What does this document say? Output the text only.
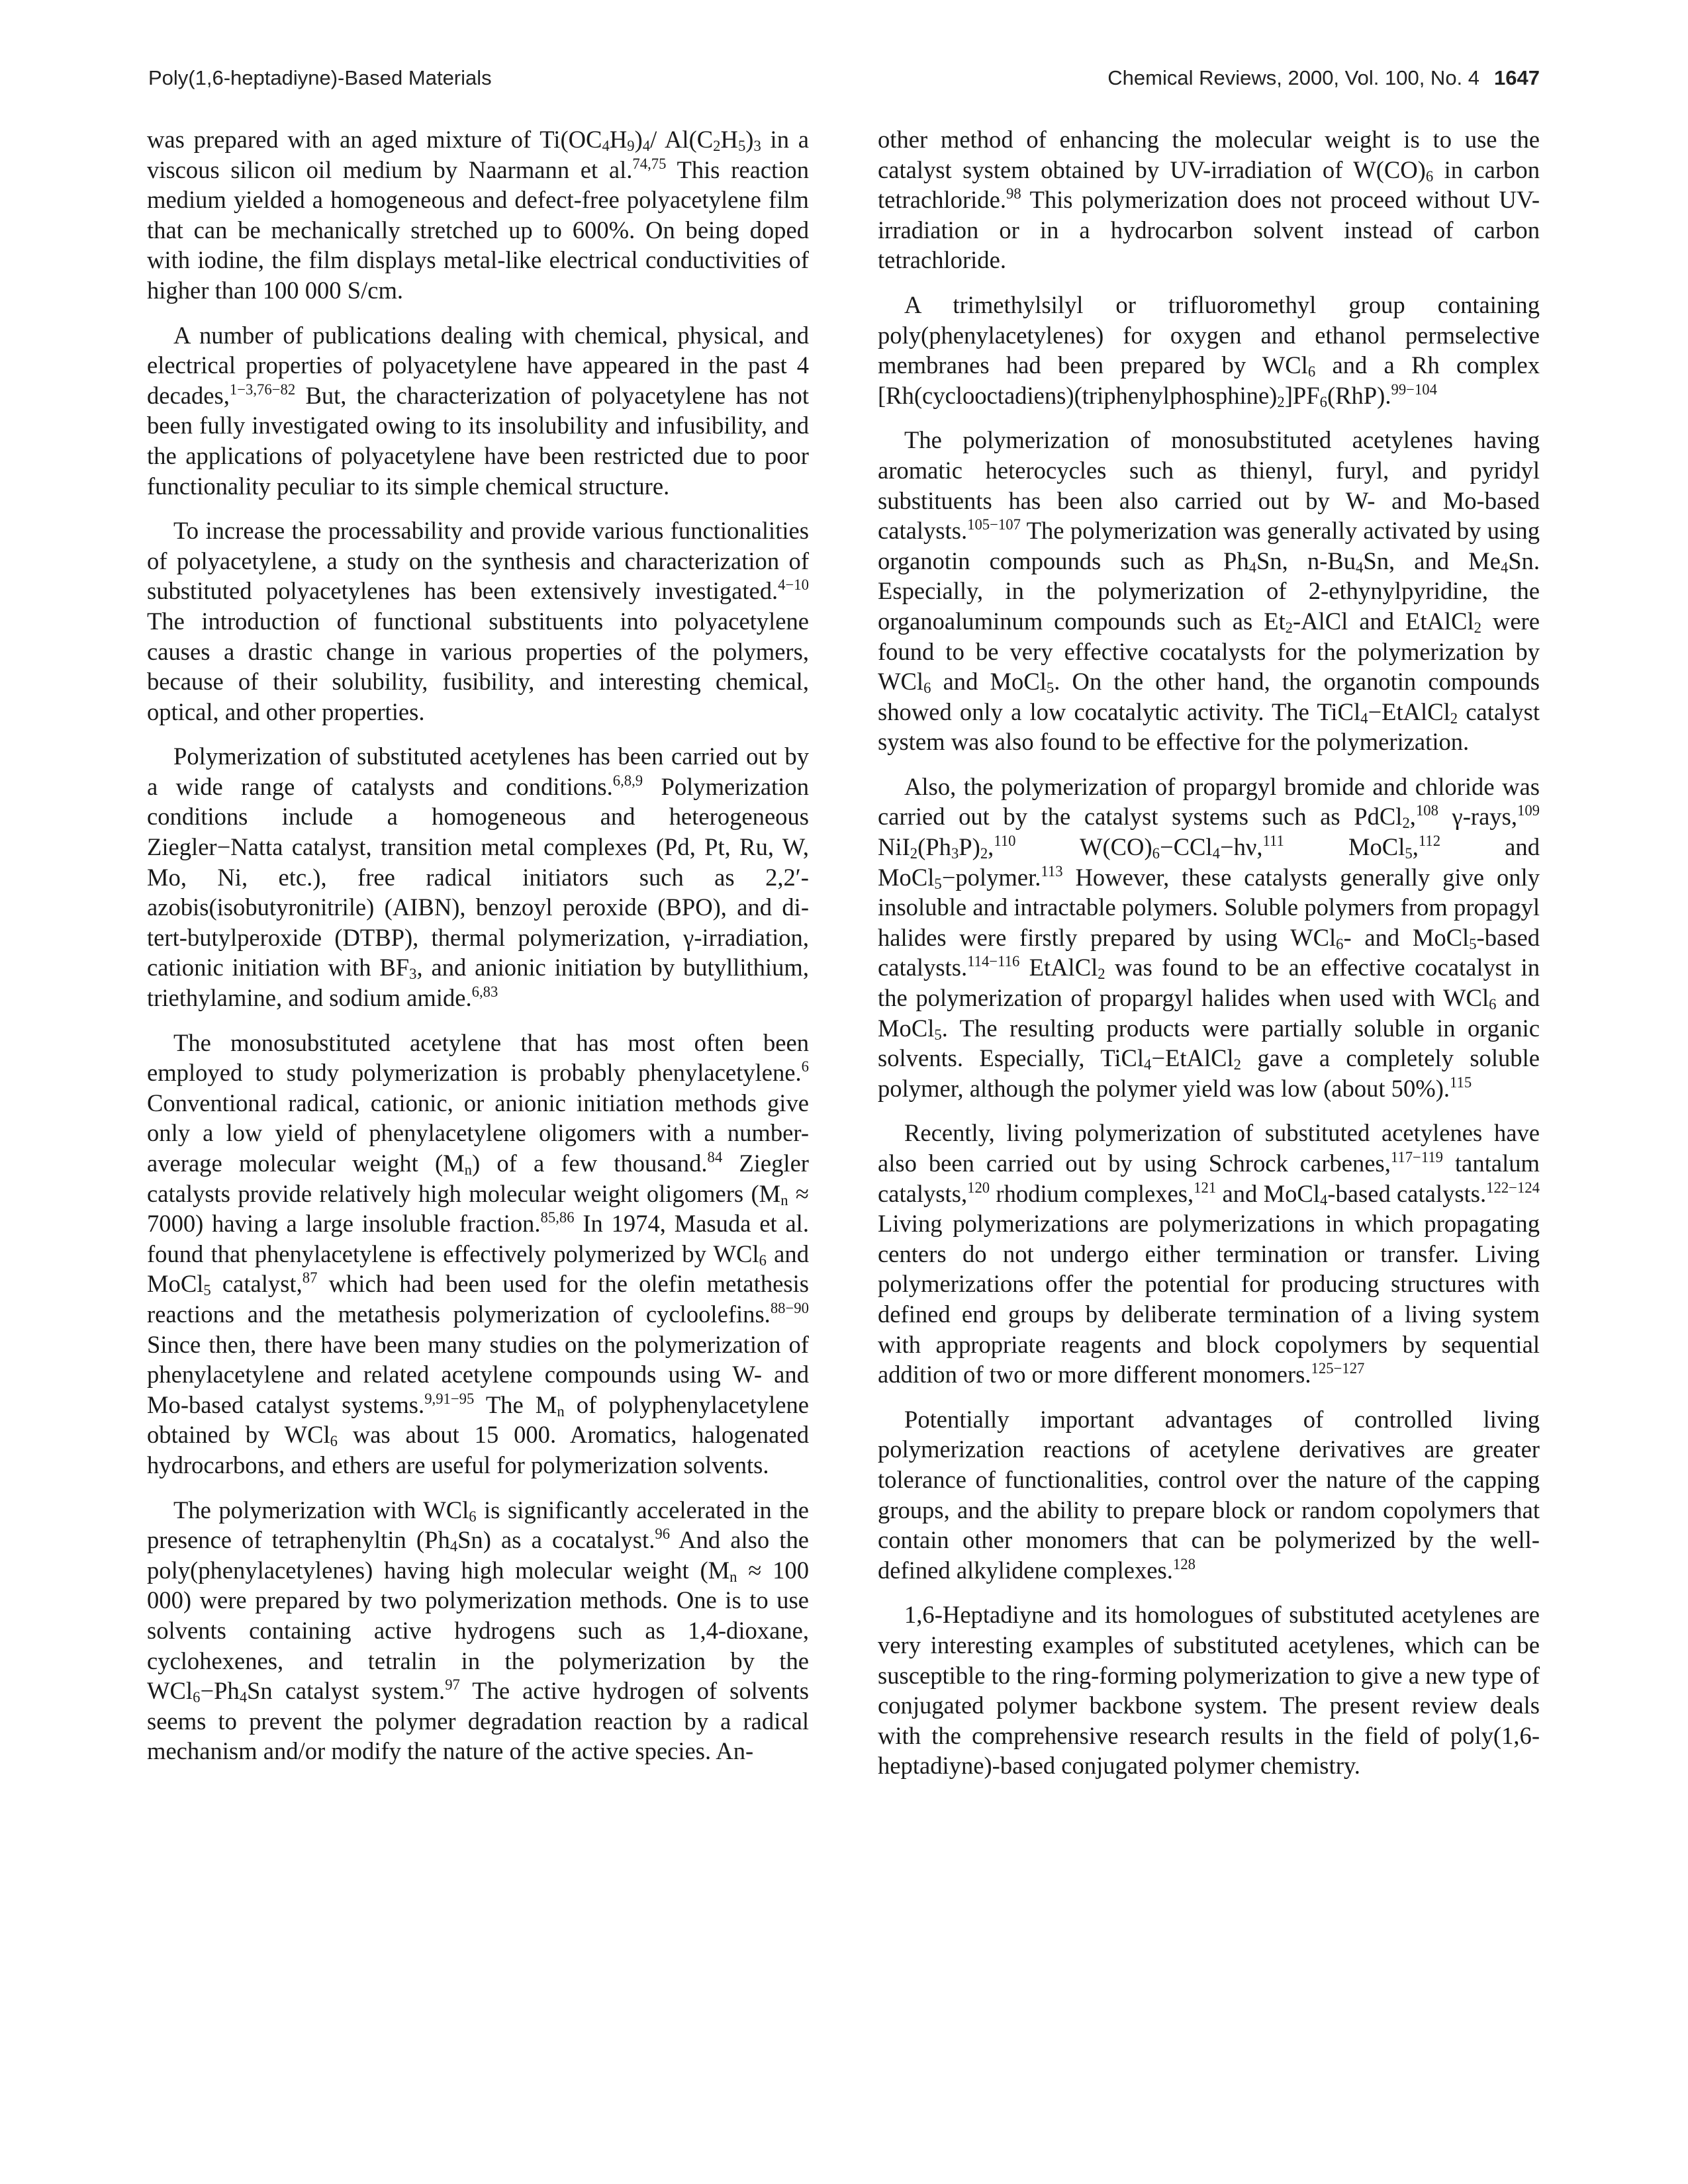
Poly(1,6-heptadiyne)-Based Materials	Chemical Reviews, 2000, Vol. 100, No. 4 1647

was prepared with an aged mixture of $Ti(OC_4H_9)_4/$ $Al(C_2H_5)_3$ in a viscous silicon oil medium by Naarmann et al.$^{74,75}$ This reaction medium yielded a homogeneous and defect-free polyacetylene film that can be mechanically stretched up to 600%. On being doped with iodine, the film displays metal-like electrical conductivities of higher than 100 000 S/cm.

A number of publications dealing with chemical, physical, and electrical properties of polyacetylene have appeared in the past 4 decades,$^{1-3,76-82}$ But, the characterization of polyacetylene has not been fully investigated owing to its insolubility and infusibility, and the applications of polyacetylene have been restricted due to poor functionality peculiar to its simple chemical structure.

To increase the processability and provide various functionalities of polyacetylene, a study on the synthesis and characterization of substituted polyacetylenes has been extensively investigated.$^{4-10}$ The introduction of functional substituents into polyacetylene causes a drastic change in various properties of the polymers, because of their solubility, fusibility, and interesting chemical, optical, and other properties.

Polymerization of substituted acetylenes has been carried out by a wide range of catalysts and conditions.$^{6,8,9}$ Polymerization conditions include a homogeneous and heterogeneous Ziegler−Natta catalyst, transition metal complexes (Pd, Pt, Ru, W, Mo, Ni, etc.), free radical initiators such as 2,2′-azobis(isobutyronitrile) (AIBN), benzoyl peroxide (BPO), and di-tert-butylperoxide (DTBP), thermal polymerization, γ-irradiation, cationic initiation with $BF_3$, and anionic initiation by butyllithium, triethylamine, and sodium amide.$^{6,83}$

The monosubstituted acetylene that has most often been employed to study polymerization is probably phenylacetylene.$^6$ Conventional radical, cationic, or anionic initiation methods give only a low yield of phenylacetylene oligomers with a number-average molecular weight $(M_n)$ of a few thousand.$^{84}$ Ziegler catalysts provide relatively high molecular weight oligomers $(M_n \approx 7000)$ having a large insoluble fraction.$^{85,86}$ In 1974, Masuda et al. found that phenylacetylene is effectively polymerized by WCl$_6$ and MoCl$_5$ catalyst,$^{87}$ which had been used for the olefin metathesis reactions and the metathesis polymerization of cycloolefins.$^{88-90}$ Since then, there have been many studies on the polymerization of phenylacetylene and related acetylene compounds using W- and Mo-based catalyst systems.$^{9,91-95}$ The $M_n$ of polyphenylacetylene obtained by WCl$_6$ was about 15 000. Aromatics, halogenated hydrocarbons, and ethers are useful for polymerization solvents.

The polymerization with WCl$_6$ is significantly accelerated in the presence of tetraphenyltin $(Ph_4Sn)$ as a cocatalyst.$^{96}$ And also the poly(phenylacetylenes) having high molecular weight ($M_n \approx 100$ 000) were prepared by two polymerization methods. One is to use solvents containing active hydrogens such as 1,4-dioxane, cyclohexenes, and tetralin in the polymerization by the $WCl_6-Ph_4Sn$ catalyst system.$^{97}$ The active hydrogen of solvents seems to prevent the polymer degradation reaction by a radical mechanism and/or modify the nature of the active species. An-

other method of enhancing the molecular weight is to use the catalyst system obtained by UV-irradiation of $W(CO)_6$ in carbon tetrachloride.$^{98}$ This polymerization does not proceed without UV-irradiation or in a hydrocarbon solvent instead of carbon tetrachloride.

A trimethylsilyl or trifluoromethyl group containing poly(phenylacetylenes) for oxygen and ethanol permselective membranes had been prepared by WCl$_6$ and a Rh complex $[Rh(cyclooctadiens)(triphenylphosphine)_2]PF_6(RhP).^{99-104}$

The polymerization of monosubstituted acetylenes having aromatic heterocycles such as thienyl, furyl, and pyridyl substituents has been also carried out by W- and Mo-based catalysts.$^{105-107}$ The polymerization was generally activated by using organotin compounds such as $Ph_4Sn$, $n-Bu_4Sn$, and $Me_4Sn$. Especially, in the polymerization of 2-ethynylpyridine, the organoaluminum compounds such as $Et_2$-AlCl and EtAlCl$_2$ were found to be very effective cocatalysts for the polymerization by WCl$_6$ and MoCl$_5$. On the other hand, the organotin compounds showed only a low cocatalytic activity. The TiCl$_4$−EtAlCl$_2$ catalyst system was also found to be effective for the polymerization.

Also, the polymerization of propargyl bromide and chloride was carried out by the catalyst systems such as PdCl$_2$,$^{108}$ γ-rays,$^{109}$ $NiI_2(Ph_3P)_2,^{110}$ $W(CO)_6-CCl_4-h\nu,^{111}$ MoCl$_5$,$^{112}$ and MoCl$_5$−polymer.$^{113}$ However, these catalysts generally give only insoluble and intractable polymers. Soluble polymers from propagyl halides were firstly prepared by using WCl$_6$- and MoCl$_5$-based catalysts.$^{114-116}$ EtAlCl$_2$ was found to be an effective cocatalyst in the polymerization of propargyl halides when used with WCl$_6$ and MoCl$_5$. The resulting products were partially soluble in organic solvents. Especially, TiCl$_4$−EtAlCl$_2$ gave a completely soluble polymer, although the polymer yield was low (about 50%).$^{115}$

Recently, living polymerization of substituted acetylenes have also been carried out by using Schrock carbenes,$^{117-119}$ tantalum catalysts,$^{120}$ rhodium complexes,$^{121}$ and MoCl$_4$-based catalysts.$^{122-124}$ Living polymerizations are polymerizations in which propagating centers do not undergo either termination or transfer. Living polymerizations offer the potential for producing structures with defined end groups by deliberate termination of a living system with appropriate reagents and block copolymers by sequential addition of two or more different monomers.$^{125-127}$

Potentially important advantages of controlled living polymerization reactions of acetylene derivatives are greater tolerance of functionalities, control over the nature of the capping groups, and the ability to prepare block or random copolymers that contain other monomers that can be polymerized by the well-defined alkylidene complexes.$^{128}$

1,6-Heptadiyne and its homologues of substituted acetylenes are very interesting examples of substituted acetylenes, which can be susceptible to the ring-forming polymerization to give a new type of conjugated polymer backbone system. The present review deals with the comprehensive research results in the field of poly(1,6-heptadiyne)-based conjugated polymer chemistry.
